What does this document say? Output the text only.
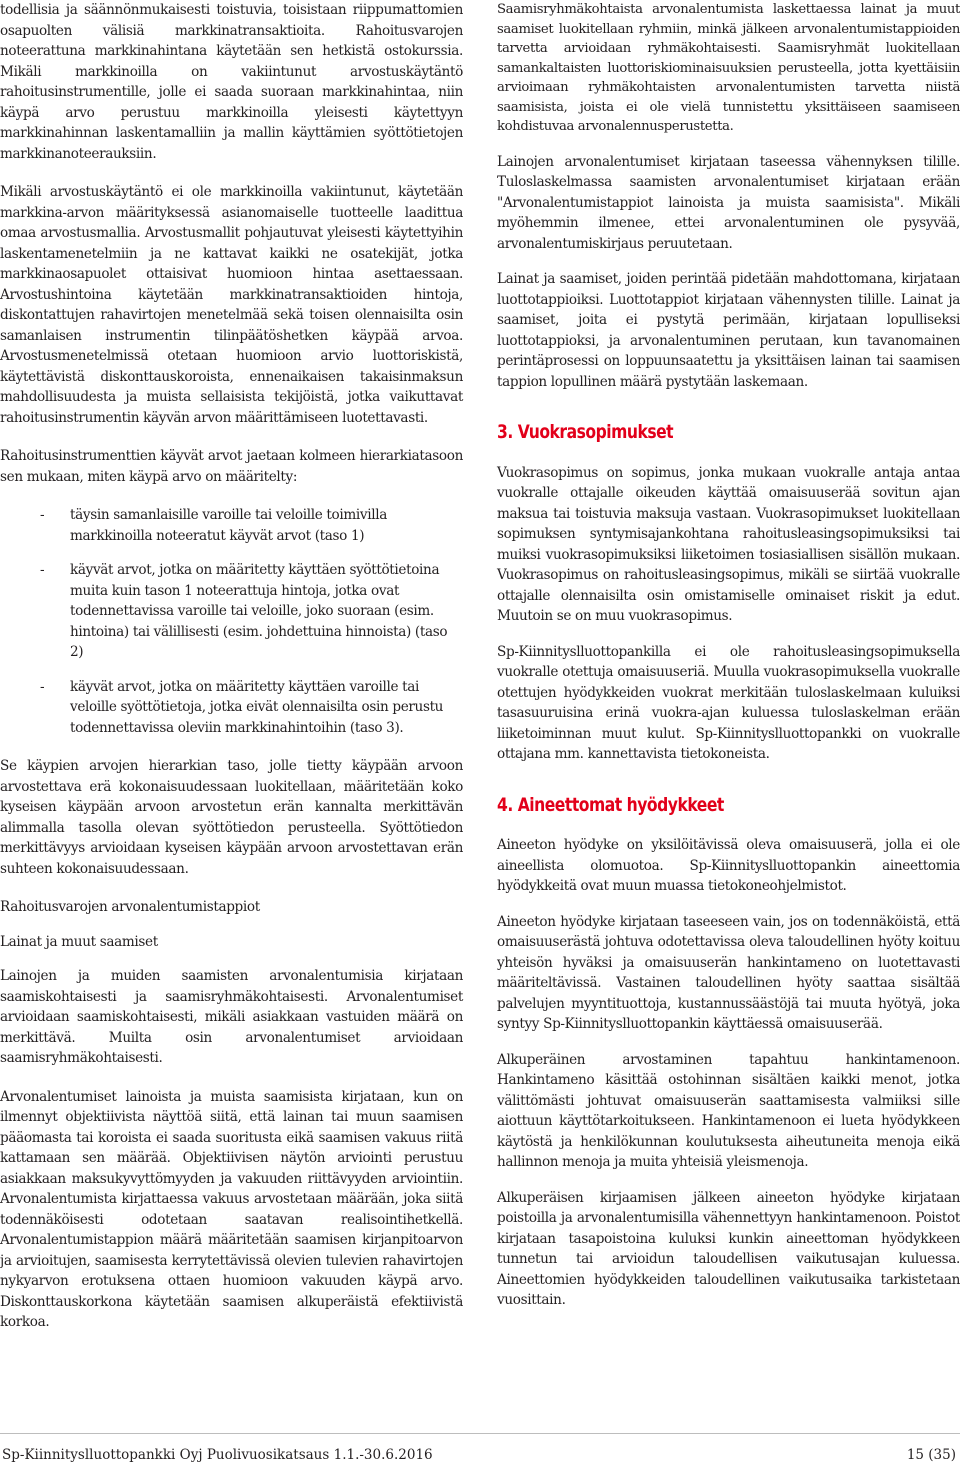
todellisia ja säännönmukaisesti toistuvia, toisistaan riippumattomien osapuolten välisiä markkinatransaktioita. Rahoitusvarojen noteerattuna markkinahintana käytetään sen hetkistä ostokurssia. Mikäli markkinoilla on vakiintunut arvostuskäytäntö rahoitusinstrumentille, jolle ei saada suoraan markkinahintaa, niin käypä arvo perustuu markkinoilla yleisesti käytettyyn markkinahinnan laskentamalliin ja mallin käyttämien syöttötietojen markkinanoteerauksiin.

Mikäli arvostuskäytäntö ei ole markkinoilla vakiintunut, käytetään markkina-arvon määrityksessä asianomaiselle tuotteelle laadittua omaa arvostusmallia. Arvostusmallit pohjautuvat yleisesti käytettyihin laskentamenetelmiin ja ne kattavat kaikki ne osatekijät, jotka markkinaosapuolet ottaisivat huomioon hintaa asettaessaan. Arvostushintoina käytetään markkinatransaktioiden hintoja, diskontattujen rahavirtojen menetelmää sekä toisen olennaisilta osin samanlaisen instrumentin tilinpäätöshetken käypää arvoa. Arvostusmenetelmissä otetaan huomioon arvio luottoriskistä, käytettävistä diskonttauskoroista, ennenaikaisen takaisinmaksun mahdollisuudesta ja muista sellaisista tekijöistä, jotka vaikuttavat rahoitusinstrumentin käyvän arvon määrittämiseen luotettavasti.

Rahoitusinstrumenttien käyvät arvot jaetaan kolmeen hierarkiatasoon sen mukaan, miten käypä arvo on määritelty:

- täysin samanlaisille varoille tai veloille toimivilla markkinoilla noteeratut käyvät arvot (taso 1)
- käyvät arvot, jotka on määritetty käyttäen syöttötietoina muita kuin tason 1 noteerattuja hintoja, jotka ovat todennettavissa varoille tai veloille, joko suoraan (esim. hintoina) tai välillisesti (esim. johdettuina hinnoista) (taso 2)
- käyvät arvot, jotka on määritetty käyttäen varoille tai veloille syöttötietoja, jotka eivät olennaisilta osin perustu todennettavissa oleviin markkinahintoihin (taso 3).

Se käypien arvojen hierarkian taso, jolle tietty käypään arvoon arvostettava erä kokonaisuudessaan luokitellaan, määritetään koko kyseisen käypään arvoon arvostetun erän kannalta merkittävän alimmalla tasolla olevan syöttötiedon perusteella. Syöttötiedon merkittävyys arvioidaan kyseisen käypään arvoon arvostettavan erän suhteen kokonaisuudessaan.

Rahoitusvarojen arvonalentumistappiot
Lainat ja muut saamiset

Lainojen ja muiden saamisten arvonalentumisia kirjataan saamiskohtaisesti ja saamisryhmäkohtaisesti. Arvonalentumiset arvioidaan saamiskohtaisesti, mikäli asiakkaan vastuiden määrä on merkittävä. Muilta osin arvonalentumiset arvioidaan saamisryhmäkohtaisesti.

Arvonalentumiset lainoista ja muista saamisista kirjataan, kun on ilmennyt objektiivista näyttöä siitä, että lainan tai muun saamisen pääomasta tai koroista ei saada suoritusta eikä saamisen vakuus riitä kattamaan sen määrää. Objektiivisen näytön arviointi perustuu asiakkaan maksukyvyttömyyden ja vakuuden riittävyyden arviointiin. Arvonalentumista kirjattaessa vakuus arvostetaan määrään, joka siitä todennäköisesti odotetaan saatavan realisointihetkellä. Arvonalentumistappion määrä määritetään saamisen kirjanpitoarvon ja arvioitujen, saamisesta kerrytettävissä olevien tulevien rahavirtojen nykyarvon erotuksena ottaen huomioon vakuuden käypä arvo. Diskonttauskorkona käytetään saamisen alkuperäistä efektiivistä korkoa.

Saamisryhmäkohtaista arvonalentumista laskettaessa lainat ja muut saamiset luokitellaan ryhmiin, minkä jälkeen arvonalentumistappioiden tarvetta arvioidaan ryhmäkohtaisesti. Saamisryhmät luokitellaan samankaltaisten luottoriskiominaisuuksien perusteella, jotta kyettäisiin arvioimaan ryhmäkohtaisten arvonalentumisten tarvetta niistä saamisista, joista ei ole vielä tunnistettu yksittäiseen saamiseen kohdistuvaa arvonalennusperustetta.

Lainojen arvonalentumiset kirjataan taseessa vähennyksen tilille. Tuloslaskelmassa saamisten arvonalentumiset kirjataan erään "Arvonalentumistappiot lainoista ja muista saamisista". Mikäli myöhemmin ilmenee, ettei arvonalentuminen ole pysyvää, arvonalentumiskirjaus peruutetaan.

Lainat ja saamiset, joiden perintää pidetään mahdottomana, kirjataan luottotappioiksi. Luottotappiot kirjataan vähennysten tilille. Lainat ja saamiset, joita ei pystytä perimään, kirjataan lopulliseksi luottotappioksi, ja arvonalentuminen perutaan, kun tavanomainen perintäprosessi on loppuunsaatettu ja yksittäisen lainan tai saamisen tappion lopullinen määrä pystytään laskemaan.

3. Vuokrasopimukset

Vuokrasopimus on sopimus, jonka mukaan vuokralle antaja antaa vuokralle ottajalle oikeuden käyttää omaisuuserää sovitun ajan maksua tai toistuvia maksuja vastaan. Vuokrasopimukset luokitellaan sopimuksen syntymisajankohtana rahoitusleasingsopimuksiksi tai muiksi vuokrasopimuksiksi liiketoimen tosiasiallisen sisällön mukaan. Vuokrasopimus on rahoitusleasingsopimus, mikäli se siirtää vuokralle ottajalle olennaisilta osin omistamiselle ominaiset riskit ja edut. Muutoin se on muu vuokrasopimus.

Sp-Kiinnityslluottopankilla ei ole rahoitusleasingsopimuksella vuokralle otettuja omaisuuseriä. Muulla vuokrasopimuksella vuokralle otettujen hyödykkeiden vuokrat merkitään tuloslaskelmaan kuluiksi tasasuuruisina erinä vuokra-ajan kuluessa tuloslaskelman erään liiketoiminnan muut kulut. Sp-Kiinnityslluottopankki on vuokralle ottajana mm. kannettavista tietokoneista.

4. Aineettomat hyödykkeet

Aineeton hyödyke on yksilöitävissä oleva omaisuuserä, jolla ei ole aineellista olomuotoa. Sp-Kiinnityslluottopankin aineettomia hyödykkeitä ovat muun muassa tietokoneohjelmistot.

Aineeton hyödyke kirjataan taseeseen vain, jos on todennäköistä, että omaisuuserästä johtuva odotettavissa oleva taloudellinen hyöty koituu yhteisön hyväksi ja omaisuuserän hankintameno on luotettavasti määriteltävissä. Vastainen taloudellinen hyöty saattaa sisältää palvelujen myyntituottoja, kustannussäästöjä tai muuta hyötyä, joka syntyy Sp-Kiinnityslluottopankin käyttäessä omaisuuserää.

Alkuperäinen arvostaminen tapahtuu hankintamenoon. Hankintameno käsittää ostohinnan sisältäen kaikki menot, jotka välittömästi johtuvat omaisuuserän saattamisesta valmiiksi sille aiottuun käyttötarkoitukseen. Hankintamenoon ei lueta hyödykkeen käytöstä ja henkilökunnan koulutuksesta aiheutuneita menoja eikä hallinnon menoja ja muita yhteisiä yleismenoja.

Alkuperäisen kirjaamisen jälkeen aineeton hyödyke kirjataan poistoilla ja arvonalentumisilla vähennettyyn hankintamenoon. Poistot kirjataan tasapoistoina kuluksi kunkin aineettoman hyödykkeen tunnetun tai arvioidun taloudellisen vaikutusajan kuluessa. Aineettomien hyödykkeiden taloudellinen vaikutusaika tarkistetaan vuosittain.

Sp-Kiinnityslluottopankki Oyj Puolivuosikatsaus 1.1.-30.6.2016	15 (35)
